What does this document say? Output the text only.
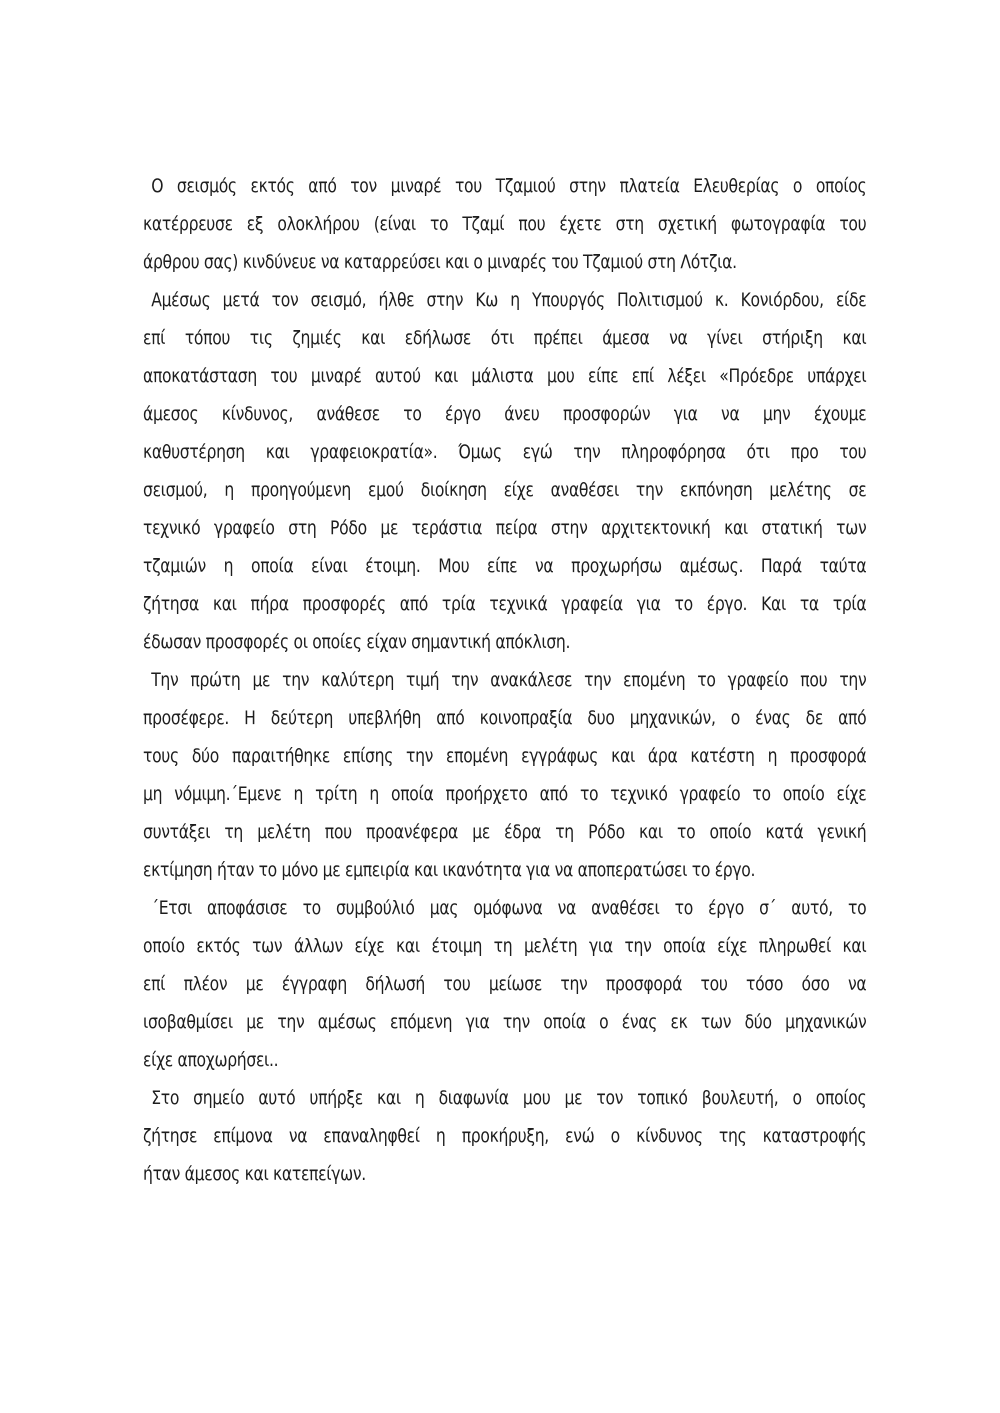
Ο σεισμός εκτός από τον μιναρέ του Τζαμιού στην πλατεία Ελευθερίας ο οποίος
κατέρρευσε εξ ολοκλήρου (είναι το Τζαμί που έχετε στη σχετική φωτογραφία του
άρθρου σας) κινδύνευε να καταρρεύσει και ο μιναρές του Τζαμιού στη Λότζια.
Αμέσως μετά τον σεισμό, ήλθε στην Κω η Υπουργός Πολιτισμού κ. Κονιόρδου, είδε
επί τόπου τις ζημιές και εδήλωσε ότι πρέπει άμεσα να γίνει στήριξη και
αποκατάσταση του μιναρέ αυτού και μάλιστα μου είπε επί λέξει «Πρόεδρε υπάρχει
άμεσος κίνδυνος, ανάθεσε το έργο άνευ προσφορών για να μην έχουμε
καθυστέρηση και γραφειοκρατία». Όμως εγώ την πληροφόρησα ότι προ του
σεισμού, η προηγούμενη εμού διοίκηση είχε αναθέσει την εκπόνηση μελέτης σε
τεχνικό γραφείο στη Ρόδο με τεράστια πείρα στην αρχιτεκτονική και στατική των
τζαμιών η οποία είναι έτοιμη. Μου είπε να προχωρήσω αμέσως. Παρά ταύτα
ζήτησα και πήρα προσφορές από τρία τεχνικά γραφεία για το έργο. Και τα τρία
έδωσαν προσφορές οι οποίες είχαν σημαντική απόκλιση.
Την πρώτη με την καλύτερη τιμή την ανακάλεσε την επομένη το γραφείο που την
προσέφερε. Η δεύτερη υπεβλήθη από κοινοπραξία δυο μηχανικών, ο ένας δε από
τους δύο παραιτήθηκε επίσης την επομένη εγγράφως και άρα κατέστη η προσφορά
μη νόμιμη.΄Εμενε η τρίτη η οποία προήρχετο από το τεχνικό γραφείο το οποίο είχε
συντάξει τη μελέτη που προανέφερα με έδρα τη Ρόδο και το οποίο κατά γενική
εκτίμηση ήταν το μόνο με εμπειρία και ικανότητα για να αποπερατώσει το έργο.
΄Ετσι αποφάσισε το συμβούλιό μας ομόφωνα να αναθέσει το έργο σ΄ αυτό, το
οποίο εκτός των άλλων είχε και έτοιμη τη μελέτη για την οποία είχε πληρωθεί και
επί πλέον με έγγραφη δήλωσή του μείωσε την προσφορά του τόσο όσο να
ισοβαθμίσει με την αμέσως επόμενη για την οποία ο ένας εκ των δύο μηχανικών
είχε αποχωρήσει..
Στο σημείο αυτό υπήρξε και η διαφωνία μου με τον τοπικό βουλευτή, ο οποίος
ζήτησε επίμονα να επαναληφθεί η προκήρυξη, ενώ ο κίνδυνος της καταστροφής
ήταν άμεσος και κατεπείγων.
